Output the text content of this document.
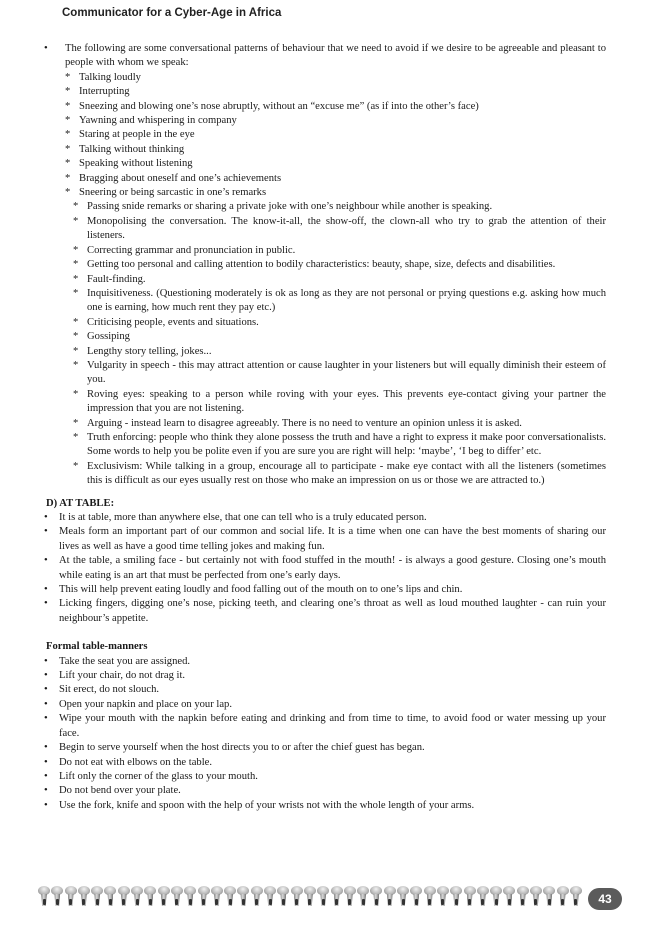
Communicator for a Cyber-Age in Africa
•	The following are some conversational patterns of behaviour that we need to avoid if we desire to be agreeable and pleasant to people with whom we speak:
* Talking loudly
* Interrupting
* Sneezing and blowing one’s nose abruptly, without an “excuse me” (as if into the other’s face)
* Yawning and whispering in company
* Staring at people in the eye
* Talking without thinking
* Speaking without listening
* Bragging about oneself and one’s achievements
* Sneering or being sarcastic in one’s remarks
* Passing snide remarks or sharing a private joke with one’s neighbour while another is speaking.
* Monopolising the conversation. The know-it-all, the show-off, the clown-all who try to grab the attention of their listeners.
* Correcting grammar and pronunciation in public.
* Getting too personal and calling attention to bodily characteristics: beauty, shape, size, defects and disabilities.
* Fault-finding.
* Inquisitiveness. (Questioning moderately is ok as long as they are not personal or prying questions e.g. asking how much one is earning, how much rent they pay etc.)
* Criticising people, events and situations.
* Gossiping
* Lengthy story telling, jokes...
* Vulgarity in speech - this may attract attention or cause laughter in your listeners but will equally diminish their esteem of you.
* Roving eyes: speaking to a person while roving with your eyes. This prevents eye-contact giving your partner the impression that you are not listening.
* Arguing - instead learn to disagree agreeably. There is no need to venture an opinion unless it is asked.
* Truth enforcing: people who think they alone possess the truth and have a right to express it make poor conversationalists. Some words to help you be polite even if you are sure you are right will help: ‘maybe’, ‘I beg to differ’ etc.
* Exclusivism: While talking in a group, encourage all to participate - make eye contact with all the listeners (sometimes this is difficult as our eyes usually rest on those who make an impression on us or those we are attracted to.)
D) AT TABLE:
•	It is at table, more than anywhere else, that one can tell who is a truly educated person.
•	Meals form an important part of our common and social life. It is a time when one can have the best moments of sharing our lives as well as have a good time telling jokes and making fun.
•	At the table, a smiling face - but certainly not with food stuffed in the mouth! - is always a good gesture. Closing one’s mouth while eating is an art that must be perfected from one’s early days.
•	This will help prevent eating loudly and food falling out of the mouth on to one’s lips and chin.
•	Licking fingers, digging one’s nose, picking teeth, and clearing one’s throat as well as loud mouthed laughter - can ruin your neighbour’s appetite.
Formal table-manners
•	Take the seat you are assigned.
•	Lift your chair, do not drag it.
•	Sit erect, do not slouch.
•	Open your napkin and place on your lap.
•	Wipe your mouth with the napkin before eating and drinking and from time to time, to avoid food or water messing up your face.
•	Begin to serve yourself when the host directs you to or after the chief guest has began.
•	Do not eat with elbows on the table.
•	Lift only the corner of the glass to your mouth.
•	Do not bend over your plate.
•	Use the fork, knife and spoon with the help of your wrists not with the whole length of your arms.
43
